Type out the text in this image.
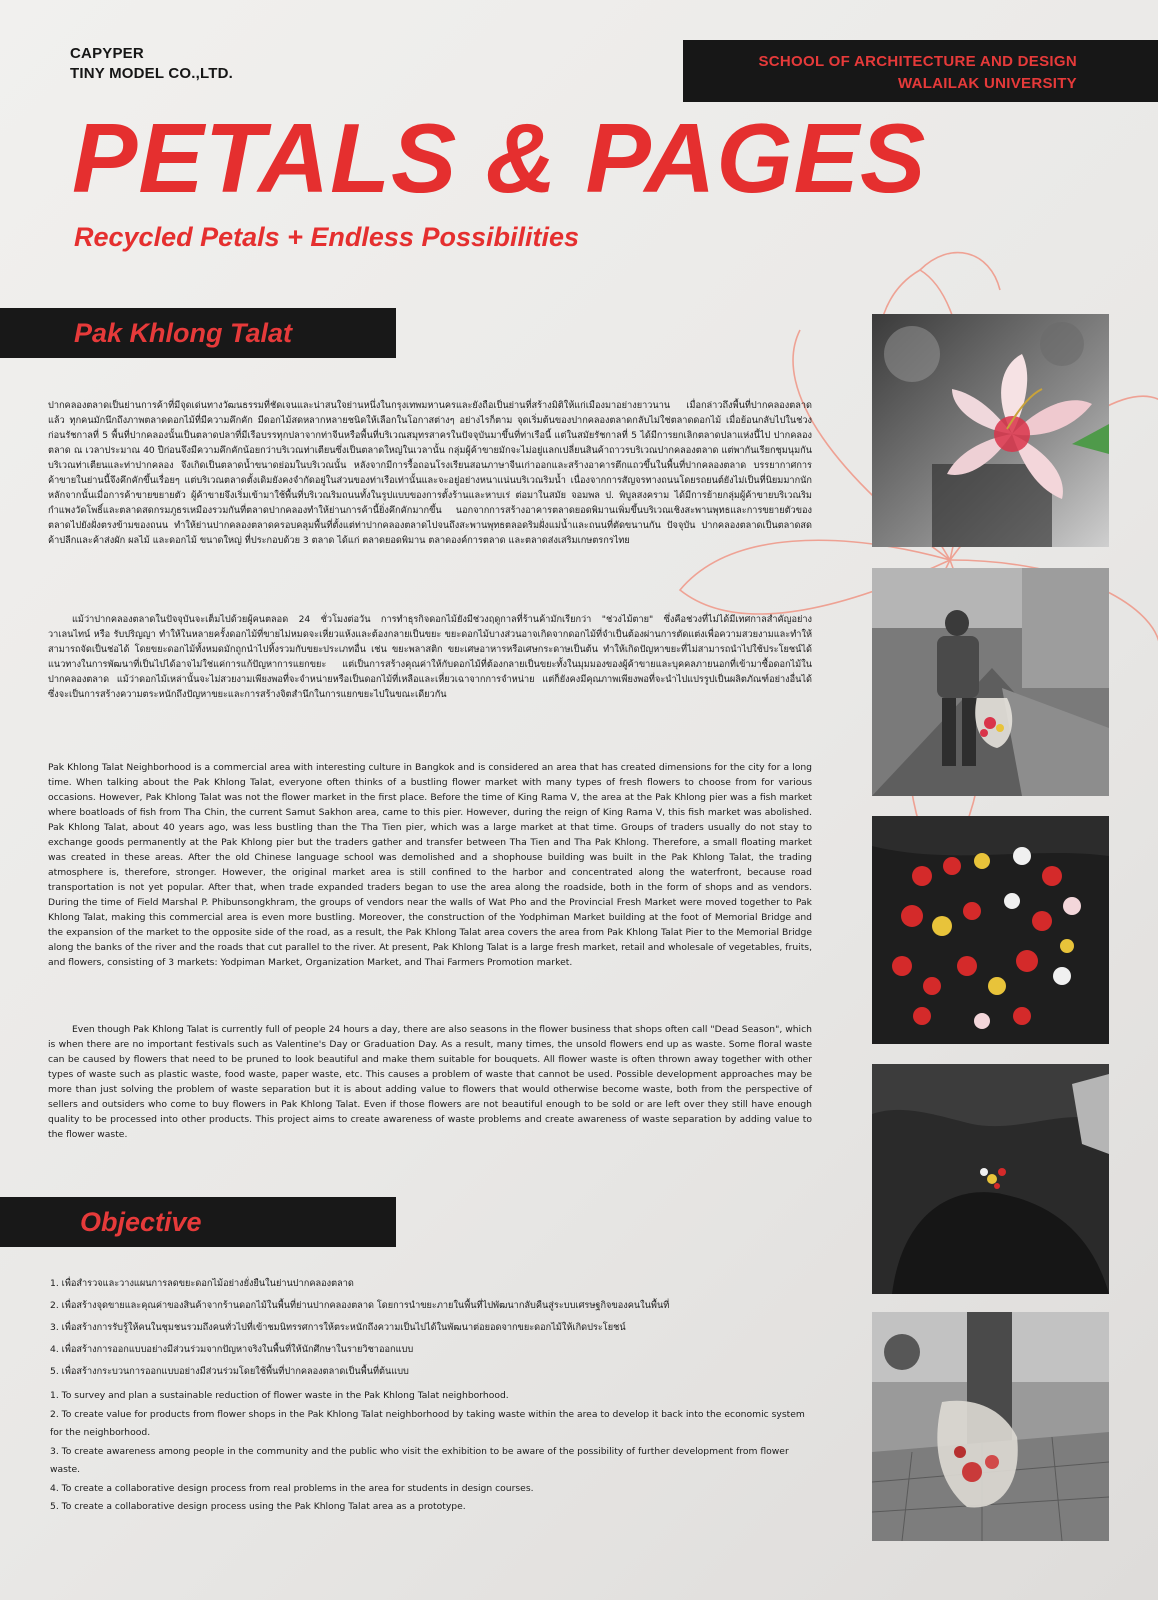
CAPYPER
TINY MODEL CO.,LTD.
SCHOOL OF ARCHITECTURE AND DESIGN
WALAILAK UNIVERSITY
PETALS & PAGES
Recycled Petals + Endless Possibilities
Pak Khlong Talat

ปากคลองตลาดเป็นย่านการค้าที่มีจุดเด่นทางวัฒนธรรมที่ชัดเจนและน่าสนใจย่านหนึ่งในกรุงเทพมหานครและยังถือเป็นย่านที่สร้างมิติให้แก่เมืองมาอย่างยาวนาน เมื่อกล่าวถึงพื้นที่ปากคลองตลาดแล้ว ทุกคนมักนึกถึงภาพตลาดดอกไม้ที่มีความคึกคัก มีดอกไม้สดหลากหลายชนิดให้เลือกในโอกาสต่างๆ อย่างไรก็ตาม จุดเริ่มต้นของปากคลองตลาดกลับไม่ใช่ตลาดดอกไม้ เมื่อย้อนกลับไปในช่วงก่อนรัชกาลที่ 5 พื้นที่ปากคลองนั้นเป็นตลาดปลาที่มีเรือบรรทุกปลาจากท่าจีนหรือพื้นที่บริเวณสมุทรสาครในปัจจุบันมาขึ้นที่ท่าเรือนี้ แต่ในสมัยรัชกาลที่ 5 ได้มีการยกเลิกตลาดปลาแห่งนี้ไป ปากคลองตลาด ณ เวลาประมาณ 40 ปีก่อนจึงมีความคึกคักน้อยกว่าบริเวณท่าเตียนซึ่งเป็นตลาดใหญ่ในเวลานั้น กลุ่มผู้ค้าขายมักจะไม่อยู่แลกเปลี่ยนสินค้าถาวรบริเวณปากคลองตลาด แต่พากันเรียกชุมนุมกันบริเวณท่าเตียนและท่าปากคลอง จึงเกิดเป็นตลาดน้ำขนาดย่อมในบริเวณนั้น หลังจากมีการรื้อถอนโรงเรียนสอนภาษาจีนเก่าออกและสร้างอาคารตึกแถวขึ้นในพื้นที่ปากคลองตลาด บรรยากาศการค้าขายในย่านนี้จึงคึกคักขึ้นเรื่อยๆ แต่บริเวณตลาดตั้งเดิมยังคงจำกัดอยู่ในส่วนของท่าเรือเท่านั้นและจะอยู่อย่างหนาแน่นบริเวณริมน้ำ เนื่องจากการสัญจรทางถนนโดยรถยนต์ยังไม่เป็นที่นิยมมากนัก หลักจากนั้นเมื่อการค้าขายขยายตัว ผู้ค้าขายจึงเริ่มเข้ามาใช้พื้นที่บริเวณริมถนนทั้งในรูปแบบของการตั้งร้านและหาบเร่ ต่อมาในสมัย จอมพล ป. พิบูลสงคราม ได้มีการย้ายกลุ่มผู้ค้าขายบริเวณริมกำแพงวัดโพธิ์และตลาดสดกรมภูธรเหมืองรวมกันที่ตลาดปากคลองทำให้ย่านการค้านี้ยิ่งคึกคักมากขึ้น นอกจากการสร้างอาคารตลาดยอดพิมานเพิ่มขึ้นบริเวณเชิงสะพานพุทธและการขยายตัวของตลาดไปยังฝั่งตรงข้ามของถนน ทำให้ย่านปากคลองตลาดครอบคลุมพื้นที่ตั้งแต่ท่าปากคลองตลาดไปจนถึงสะพานพุทธตลอดริมฝั่งแม่น้ำและถนนที่ตัดขนานกัน ปัจจุบัน ปากคลองตลาดเป็นตลาดสดค้าปลีกและค้าส่งผัก ผลไม้ และดอกไม้ ขนาดใหญ่ ที่ประกอบด้วย 3 ตลาด ได้แก่ ตลาดยอดพิมาน ตลาดองค์การตลาด และตลาดส่งเสริมเกษตรกรไทย

แม้ว่าปากคลองตลาดในปัจจุบันจะเต็มไปด้วยผู้คนตลอด 24 ชั่วโมงต่อวัน การทำธุรกิจดอกไม้ยังมีช่วงฤดูกาลที่ร้านค้ามักเรียกว่า "ช่วงไม้ตาย" ซึ่งคือช่วงที่ไม่ได้มีเทศกาลสำคัญอย่าง วาเลนไทน์ หรือ รับปริญญา ทำให้ในหลายครั้งดอกไม้ที่ขายไม่หมดจะเหี่ยวแห้งและต้องกลายเป็นขยะ ขยะดอกไม้บางส่วนอาจเกิดจากดอกไม้ที่จำเป็นต้องผ่านการตัดแต่งเพื่อความสวยงามและทำให้สามารถจัดเป็นช่อได้ โดยขยะดอกไม้ทั้งหมดมักถูกนำไปทิ้งรวมกับขยะประเภทอื่น เช่น ขยะพลาสติก ขยะเศษอาหารหรือเศษกระดาษเป็นต้น ทำให้เกิดปัญหาขยะที่ไม่สามารถนำไปใช้ประโยชน์ได้ แนวทางในการพัฒนาที่เป็นไปได้อาจไม่ใช่แค่การแก้ปัญหาการแยกขยะ แต่เป็นการสร้างคุณค่าให้กับดอกไม้ที่ต้องกลายเป็นขยะทั้งในมุมมองของผู้ค้าขายและบุคคลภายนอกที่เข้ามาซื้อดอกไม้ในปากคลองตลาด แม้ว่าดอกไม้เหล่านั้นจะไม่สวยงามเพียงพอที่จะจำหน่ายหรือเป็นดอกไม้ที่เหลือและเหี่ยวเฉาจากการจำหน่าย แต่ก็ยังคงมีคุณภาพเพียงพอที่จะนำไปแปรรูปเป็นผลิตภัณฑ์อย่างอื่นได้ ซึ่งจะเป็นการสร้างความตระหนักถึงปัญหาขยะและการสร้างจิตสำนึกในการแยกขยะไปในขณะเดียวกัน

Pak Khlong Talat Neighborhood is a commercial area with interesting culture in Bangkok and is considered an area that has created dimensions for the city for a long time. When talking about the Pak Khlong Talat, everyone often thinks of a bustling flower market with many types of fresh flowers to choose from for various occasions. However, Pak Khlong Talat was not the flower market in the first place. Before the time of King Rama V, the area at the Pak Khlong pier was a fish market where boatloads of fish from Tha Chin, the current Samut Sakhon area, came to this pier. However, during the reign of King Rama V, this fish market was abolished. Pak Khlong Talat, about 40 years ago, was less bustling than the Tha Tien pier, which was a large market at that time. Groups of traders usually do not stay to exchange goods permanently at the Pak Khlong pier but the traders gather and transfer between Tha Tien and Tha Pak Khlong. Therefore, a small floating market was created in these areas. After the old Chinese language school was demolished and a shophouse building was built in the Pak Khlong Talat, the trading atmosphere is, therefore, stronger. However, the original market area is still confined to the harbor and concentrated along the waterfront, because road transportation is not yet popular. After that, when trade expanded traders began to use the area along the roadside, both in the form of shops and as vendors. During the time of Field Marshal P. Phibunsongkhram, the groups of vendors near the walls of Wat Pho and the Provincial Fresh Market were moved together to Pak Khlong Talat, making this commercial area is even more bustling. Moreover, the construction of the Yodphiman Market building at the foot of Memorial Bridge and the expansion of the market to the opposite side of the road, as a result, the Pak Khlong Talat area covers the area from Pak Khlong Talat Pier to the Memorial Bridge along the banks of the river and the roads that cut parallel to the river. At present, Pak Khlong Talat is a large fresh market, retail and wholesale of vegetables, fruits, and flowers, consisting of 3 markets: Yodpiman Market, Organization Market, and Thai Farmers Promotion market.

Even though Pak Khlong Talat is currently full of people 24 hours a day, there are also seasons in the flower business that shops often call "Dead Season", which is when there are no important festivals such as Valentine's Day or Graduation Day. As a result, many times, the unsold flowers end up as waste. Some floral waste can be caused by flowers that need to be pruned to look beautiful and make them suitable for bouquets. All flower waste is often thrown away together with other types of waste such as plastic waste, food waste, paper waste, etc. This causes a problem of waste that cannot be used. Possible development approaches may be more than just solving the problem of waste separation but it is about adding value to flowers that would otherwise become waste, both from the perspective of sellers and outsiders who come to buy flowers in Pak Khlong Talat. Even if those flowers are not beautiful enough to be sold or are left over they still have enough quality to be processed into other products. This project aims to create awareness of waste problems and create awareness of waste separation by adding value to the flower waste.

Objective
1. เพื่อสำรวจและวางแผนการลดขยะดอกไม้อย่างยั่งยืนในย่านปากคลองตลาด
2. เพื่อสร้างจุดขายและคุณค่าของสินค้าจากร้านดอกไม้ในพื้นที่ย่านปากคลองตลาด โดยการนำขยะภายในพื้นที่ไปพัฒนากลับคืนสู่ระบบเศรษฐกิจของคนในพื้นที่
3. เพื่อสร้างการรับรู้ให้คนในชุมชนรวมถึงคนทั่วไปที่เข้าชมนิทรรศการให้ตระหนักถึงความเป็นไปได้ในพัฒนาต่อยอดจากขยะดอกไม้ให้เกิดประโยชน์
4. เพื่อสร้างการออกแบบอย่างมีส่วนร่วมจากปัญหาจริงในพื้นที่ให้นักศึกษาในรายวิชาออกแบบ
5. เพื่อสร้างกระบวนการออกแบบอย่างมีส่วนร่วมโดยใช้พื้นที่ปากคลองตลาดเป็นพื้นที่ต้นแบบ
1. To survey and plan a sustainable reduction of flower waste in the Pak Khlong Talat neighborhood.
2. To create value for products from flower shops in the Pak Khlong Talat neighborhood by taking waste within the area to develop it back into the economic system for the neighborhood.
3. To create awareness among people in the community and the public who visit the exhibition to be aware of the possibility of further development from flower waste.
4. To create a collaborative design process from real problems in the area for students in design courses.
5. To create a collaborative design process using the Pak Khlong Talat area as a prototype.
